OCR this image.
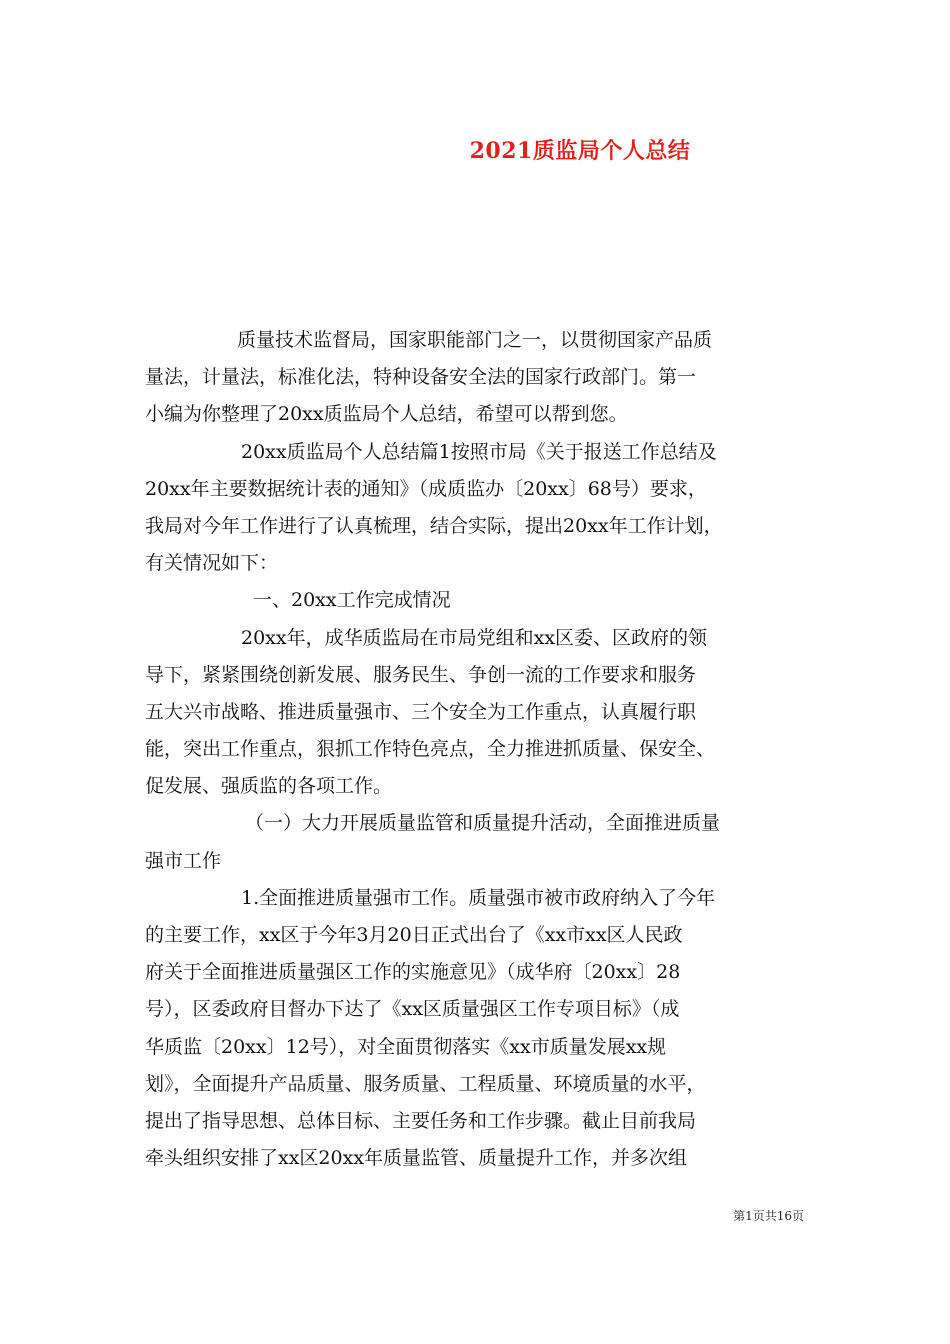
2021质监局个人总结
质量技术监督局，国家职能部门之一，以贯彻国家产品质
量法，计量法，标准化法，特种设备安全法的国家行政部门。第一
小编为你整理了20xx质监局个人总结，希望可以帮到您。
20xx质监局个人总结篇1按照市局《关于报送工作总结及
20xx年主要数据统计表的通知》（成质监办〔20xx〕68号）要求，
我局对今年工作进行了认真梳理，结合实际，提出20xx年工作计划，
有关情况如下：
一、20xx工作完成情况
20xx年，成华质监局在市局党组和xx区委、区政府的领
导下，紧紧围绕创新发展、服务民生、争创一流的工作要求和服务
五大兴市战略、推进质量强市、三个安全为工作重点，认真履行职
能，突出工作重点，狠抓工作特色亮点，全力推进抓质量、保安全、
促发展、强质监的各项工作。
（一）大力开展质量监管和质量提升活动，全面推进质量
强市工作
1.全面推进质量强市工作。质量强市被市政府纳入了今年
的主要工作，xx区于今年3月20日正式出台了《xx市xx区人民政
府关于全面推进质量强区工作的实施意见》（成华府〔20xx〕28
号），区委政府目督办下达了《xx区质量强区工作专项目标》（成
华质监〔20xx〕12号），对全面贯彻落实《xx市质量发展xx规
划》，全面提升产品质量、服务质量、工程质量、环境质量的水平，
提出了指导思想、总体目标、主要任务和工作步骤。截止目前我局
牵头组织安排了xx区20xx年质量监管、质量提升工作，并多次组
第1页共16页
